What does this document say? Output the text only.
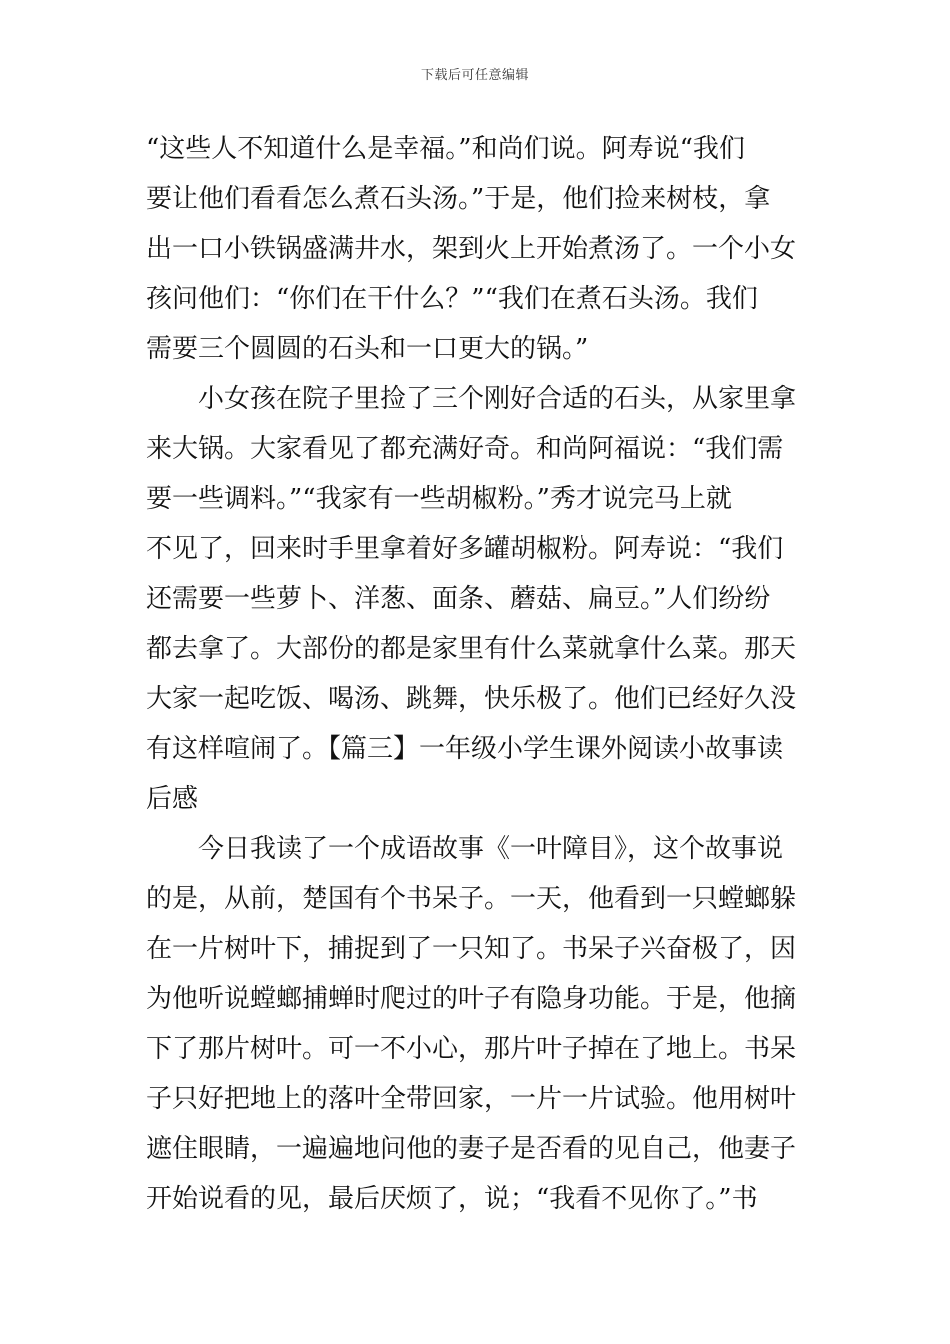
下载后可任意编辑
“这些人不知道什么是幸福。”和尚们说。阿寿说“我们
要让他们看看怎么煮石头汤。”于是，他们捡来树枝，拿
出一口小铁锅盛满井水，架到火上开始煮汤了。一个小女
孩问他们：“你们在干什么？”“我们在煮石头汤。我们
需要三个圆圆的石头和一口更大的锅。”
小女孩在院子里捡了三个刚好合适的石头，从家里拿
来大锅。大家看见了都充满好奇。和尚阿福说：“我们需
要一些调料。”“我家有一些胡椒粉。”秀才说完马上就
不见了，回来时手里拿着好多罐胡椒粉。阿寿说：“我们
还需要一些萝卜、洋葱、面条、蘑菇、扁豆。”人们纷纷
都去拿了。大部份的都是家里有什么菜就拿什么菜。那天
大家一起吃饭、喝汤、跳舞，快乐极了。他们已经好久没
有这样喧闹了。【篇三】一年级小学生课外阅读小故事读
后感
今日我读了一个成语故事《一叶障目》，这个故事说
的是，从前，楚国有个书呆子。一天，他看到一只螳螂躲
在一片树叶下，捕捉到了一只知了。书呆子兴奋极了，因
为他听说螳螂捕蝉时爬过的叶子有隐身功能。于是，他摘
下了那片树叶。可一不小心，那片叶子掉在了地上。书呆
子只好把地上的落叶全带回家，一片一片试验。他用树叶
遮住眼睛，一遍遍地问他的妻子是否看的见自己，他妻子
开始说看的见，最后厌烦了，说；“我看不见你了。”书
